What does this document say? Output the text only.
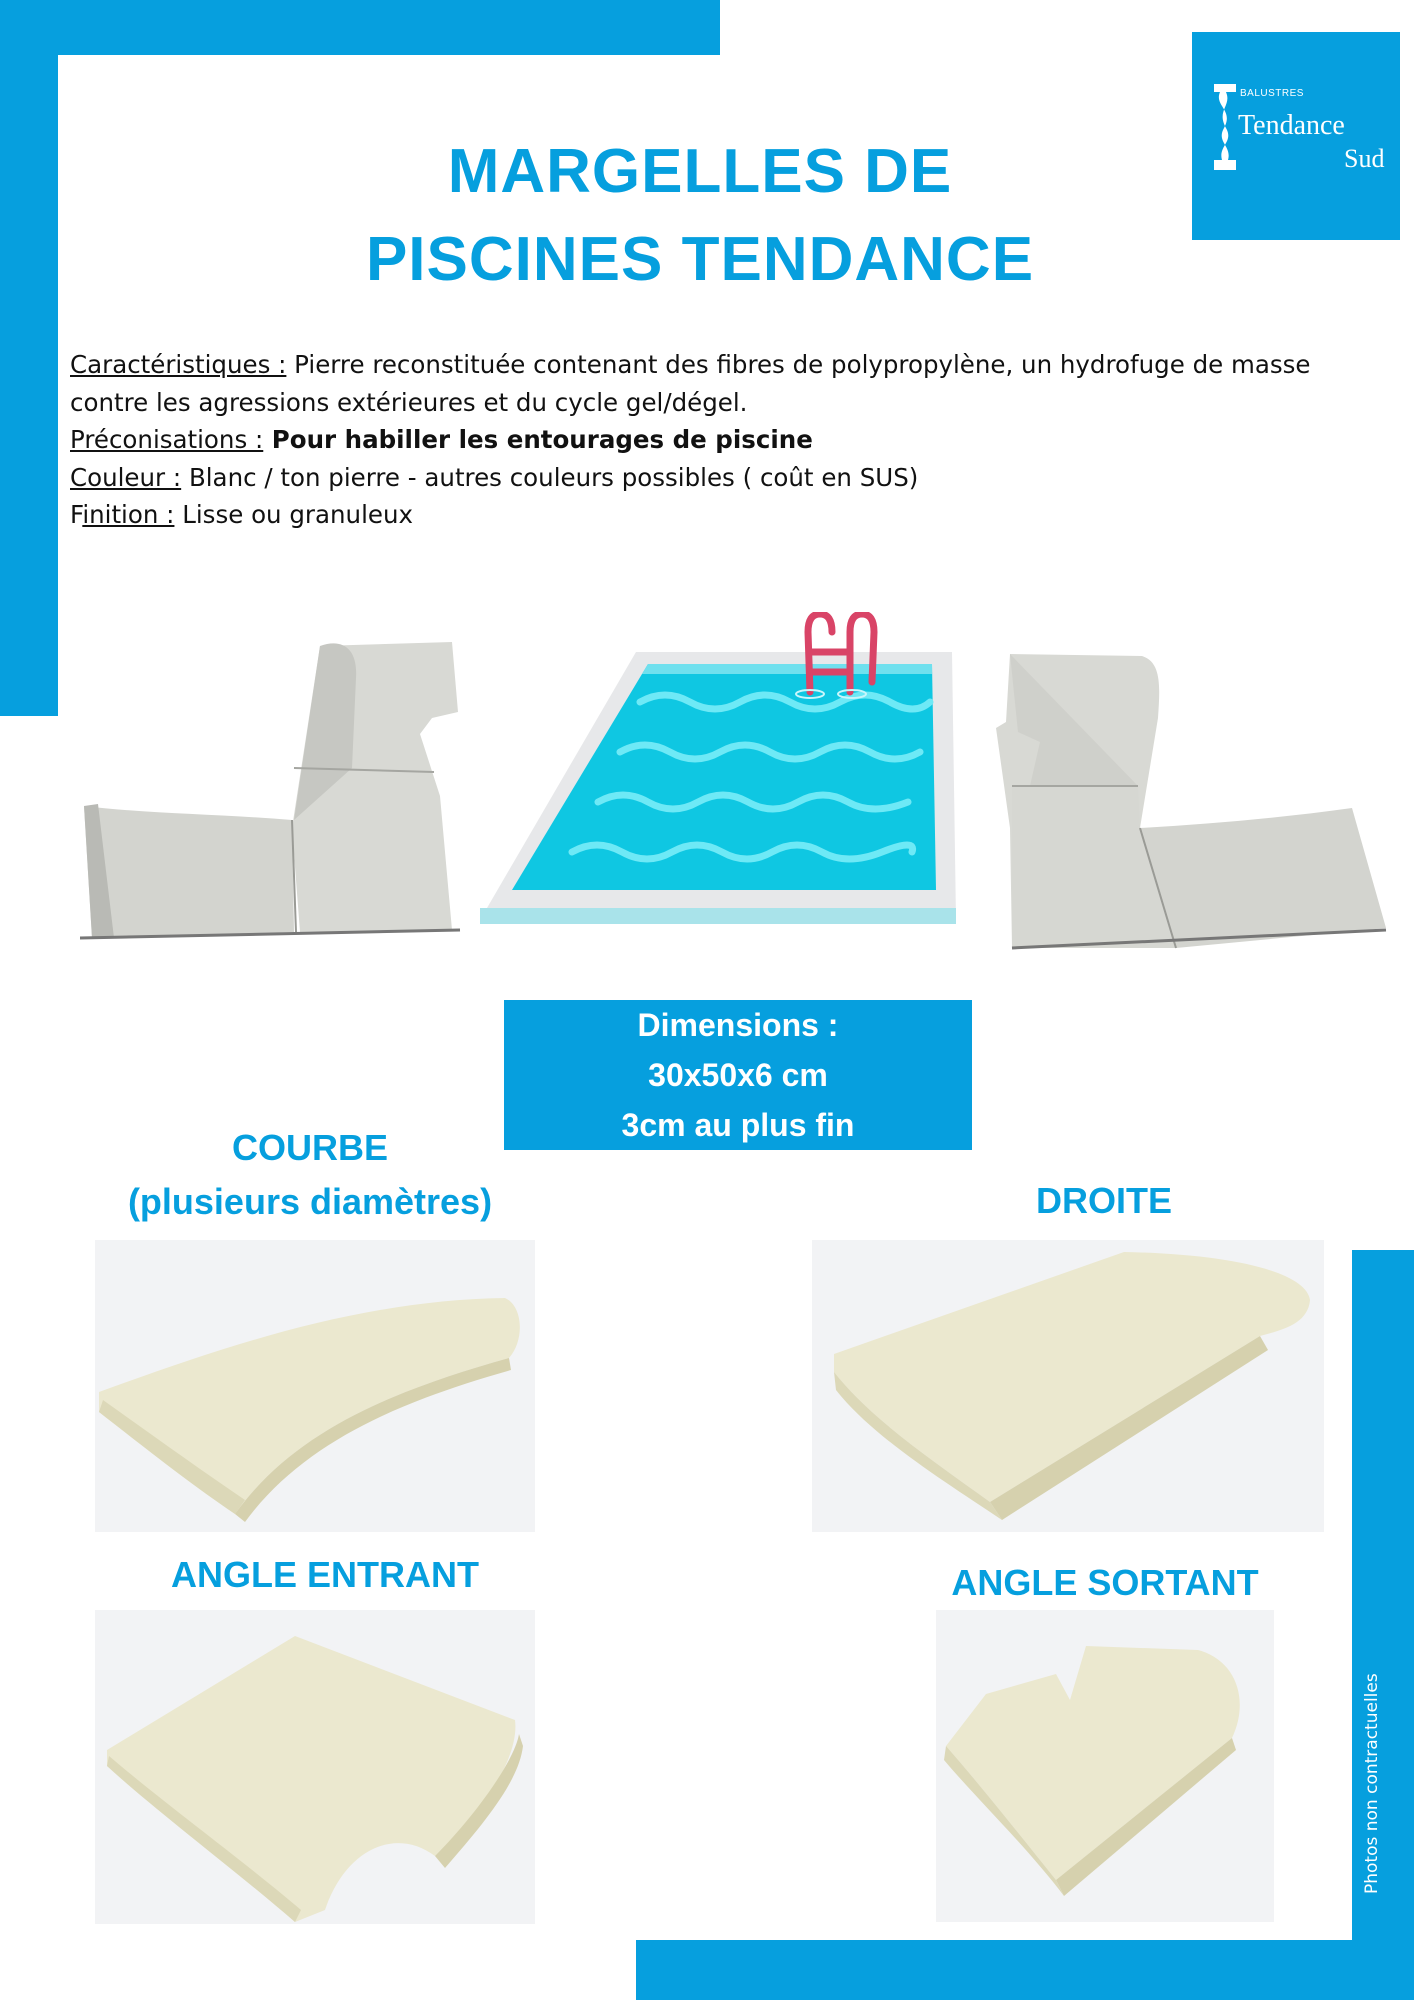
BALUSTRES
Tendance
Sud
MARGELLES DE
PISCINES TENDANCE
Caractéristiques : Pierre reconstituée contenant des fibres de polypropylène, un hydrofuge de masse contre les agressions extérieures et du cycle gel/dégel.
Préconisations : Pour habiller les entourages de piscine
Couleur : Blanc / ton pierre - autres couleurs possibles ( coût en SUS)
Finition : Lisse ou granuleux
Dimensions :
30x50x6 cm
3cm au plus fin
COURBE
(plusieurs diamètres)	DROITE
ANGLE ENTRANT	ANGLE SORTANT
Photos non contractuelles
